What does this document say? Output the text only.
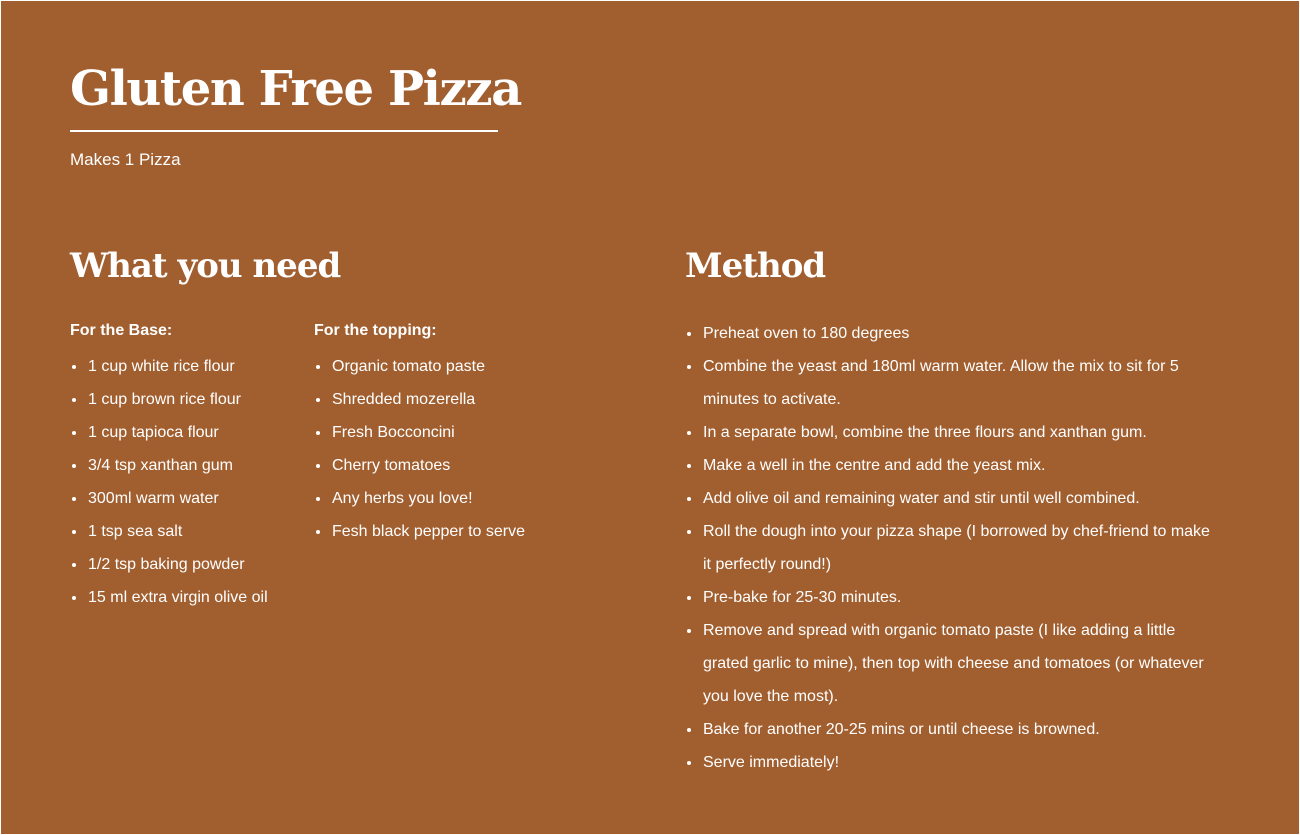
Gluten Free Pizza
Makes 1 Pizza
What you need	Method
For the Base:
1 cup white rice flour
1 cup brown rice flour
1 cup tapioca flour
3/4 tsp xanthan gum
300ml warm water
1 tsp sea salt
1/2 tsp baking powder
15 ml extra virgin olive oil
For the topping:
Organic tomato paste
Shredded mozerella
Fresh Bocconcini
Cherry tomatoes
Any herbs you love!
Fesh black pepper to serve
Preheat oven to 180 degrees
Combine the yeast and 180ml warm water. Allow the mix to sit for 5 minutes to activate.
In a separate bowl, combine the three flours and xanthan gum.
Make a well in the centre and add the yeast mix.
Add olive oil and remaining water and stir until well combined.
Roll the dough into your pizza shape (I borrowed by chef-friend to make it perfectly round!)
Pre-bake for 25-30 minutes.
Remove and spread with organic tomato paste (I like adding a little grated garlic to mine), then top with cheese and tomatoes (or whatever you love the most).
Bake for another 20-25 mins or until cheese is browned.
Serve immediately!
